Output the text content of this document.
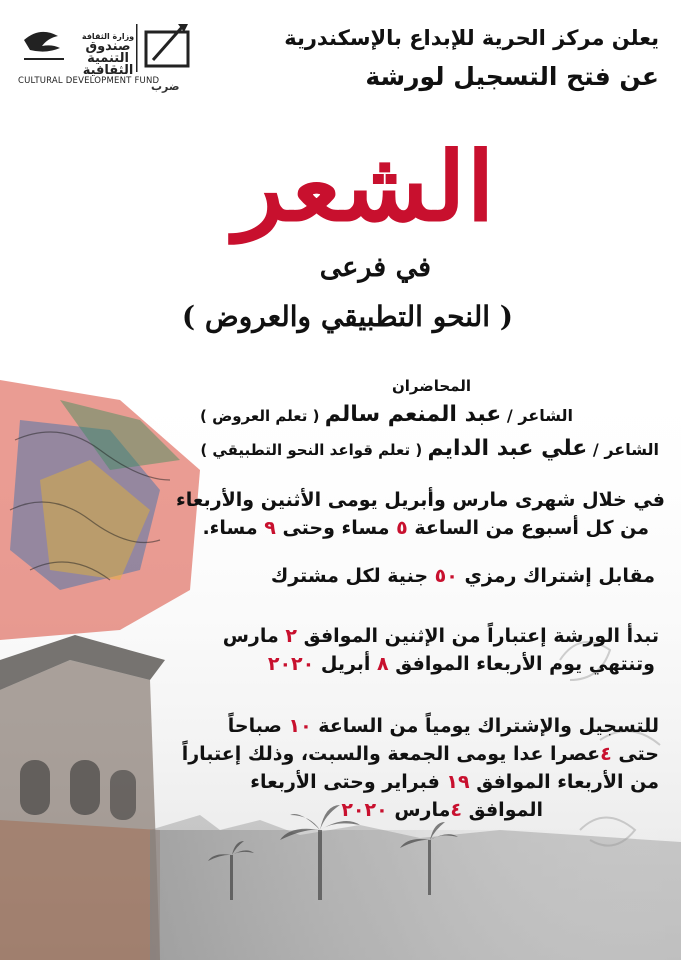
وزارة الثقافة
صندوق
التنمية
الثقافية
CULTURAL DEVELOPMENT FUND
ضرب
يعلن مركز الحرية للإبداع بالإسكندرية
عن فتح التسجيل لورشة
الشعر
في فرعى
( النحو التطبيقي والعروض )
المحاضران
الشاعر / عبد المنعم سالم ( تعلم العروض )
الشاعر / علي عبد الدايم ( تعلم قواعد النحو التطبيقي )
في خلال شهرى مارس وأبريل يومى الأثنين والأربعاء
من كل أسبوع من الساعة ٥ مساء وحتى ٩ مساء.
مقابل إشتراك رمزي ٥٠ جنية لكل مشترك
تبدأ الورشة إعتباراً من الإثنين الموافق ٢ مارس
وتنتهي يوم الأربعاء الموافق ٨ أبريل ٢٠٢٠
للتسجيل والإشتراك يومياً من الساعة ١٠ صباحاً
حتى ٤عصرا عدا يومى الجمعة والسبت، وذلك إعتباراً
من الأربعاء الموافق ١٩ فبراير وحتى الأربعاء
الموافق ٤مارس ٢٠٢٠
